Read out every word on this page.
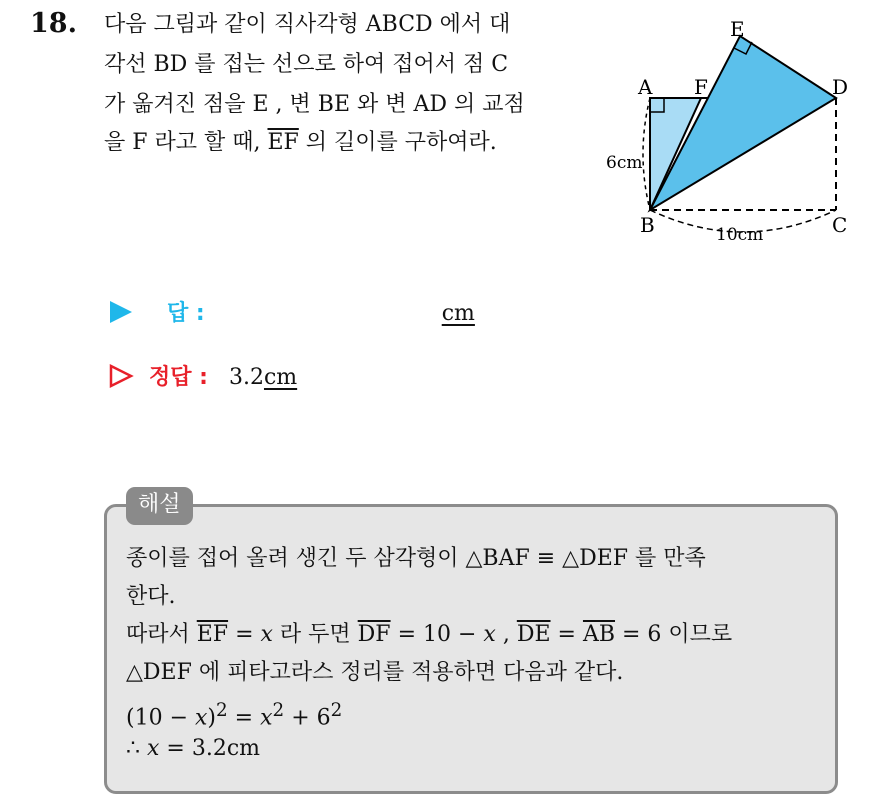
18. 다음 그림과 같이 직사각형 ABCD 에서 대
각선 BD 를 접는 선으로 하여 접어서 점 C
가 옮겨진 점을 E , 변 BE 와 변 AD 의 교점
을 F 라고 할 때, $\overline{EF}$ 의 길이를 구하여라.
A F
E
D
B	C
6cm
10cm
답 :	cm
정답 : 3.2cm
해설
종이를 접어 올려 생긴 두 삼각형이 △BAF ≡ △DEF 를 만족
한다.
따라서 $\overline{EF} = x$ 라 두면 $\overline{DF} = 10 - x$ , $\overline{DE} = \overline{AB} = 6$ 이므로
△DEF 에 피타고라스 정리를 적용하면 다음과 같다.
$(10 - x)^2 = x^2 + 6^2$
∴ x = 3.2cm
